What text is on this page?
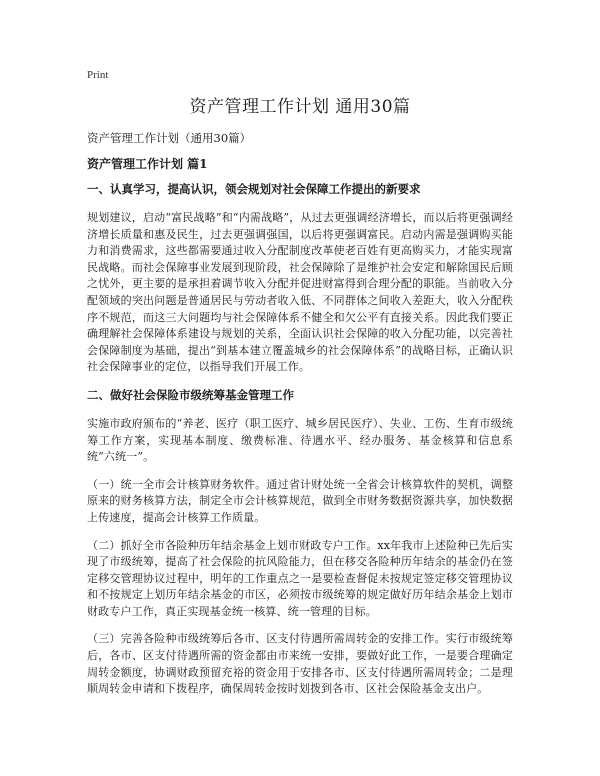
Print
资产管理工作计划 通用30篇
资产管理工作计划（通用30篇）
资产管理工作计划 篇1
一、认真学习，提高认识，领会规划对社会保障工作提出的新要求

规划建议，启动“富民战略”和“内需战略”，从过去更强调经济增长，而以后将更强调经济增长质量和惠及民生，过去更强调强国，以后将更强调富民。启动内需是强调购买能力和消费需求，这些都需要通过收入分配制度改革使老百姓有更高购买力，才能实现富民战略。而社会保障事业发展到现阶段，社会保障除了是维护社会安定和解除国民后顾之忧外，更主要的是承担着调节收入分配并促进财富得到合理分配的职能。当前收入分配领域的突出问题是普通居民与劳动者收入低、不同群体之间收入差距大，收入分配秩序不规范，而这三大问题均与社会保障体系不健全和欠公平有直接关系。因此我们要正确理解社会保障体系建设与规划的关系，全面认识社会保障的收入分配功能，以完善社会保障制度为基础，提出“到基本建立覆盖城乡的社会保障体系”的战略目标，正确认识社会保障事业的定位，以指导我们开展工作。

二、做好社会保险市级统筹基金管理工作

实施市政府颁布的“养老、医疗（职工医疗、城乡居民医疗）、失业、工伤、生育市级统筹工作方案，实现基本制度、缴费标准、待遇水平、经办服务、基金核算和信息系统“六统一”。

（一）统一全市会计核算财务软件。通过省计财处统一全省会计核算软件的契机，调整原来的财务核算方法，制定全市会计核算规范，做到全市财务数据资源共享，加快数据上传速度，提高会计核算工作质量。

（二）抓好全市各险种历年结余基金上划市财政专户工作。xx年我市上述险种已先后实现了市级统筹，提高了社会保险的抗风险能力，但在移交各险种历年结余的基金仍在签定移交管理协议过程中，明年的工作重点之一是要检查督促未按规定签定移交管理协议和不按规定上划历年结余基金的市区，必须按市级统筹的规定做好历年结余基金上划市财政专户工作，真正实现基金统一核算、统一管理的目标。

（三）完善各险种市级统筹后各市、区支付待遇所需周转金的安排工作。实行市级统筹后，各市、区支付待遇所需的资金都由市来统一安排，要做好此工作，一是要合理确定周转金额度，协调财政预留充裕的资金用于安排各市、区支付待遇所需周转金；二是理顺周转金申请和下拨程序，确保周转金按时划拨到各市、区社会保险基金支出户。
